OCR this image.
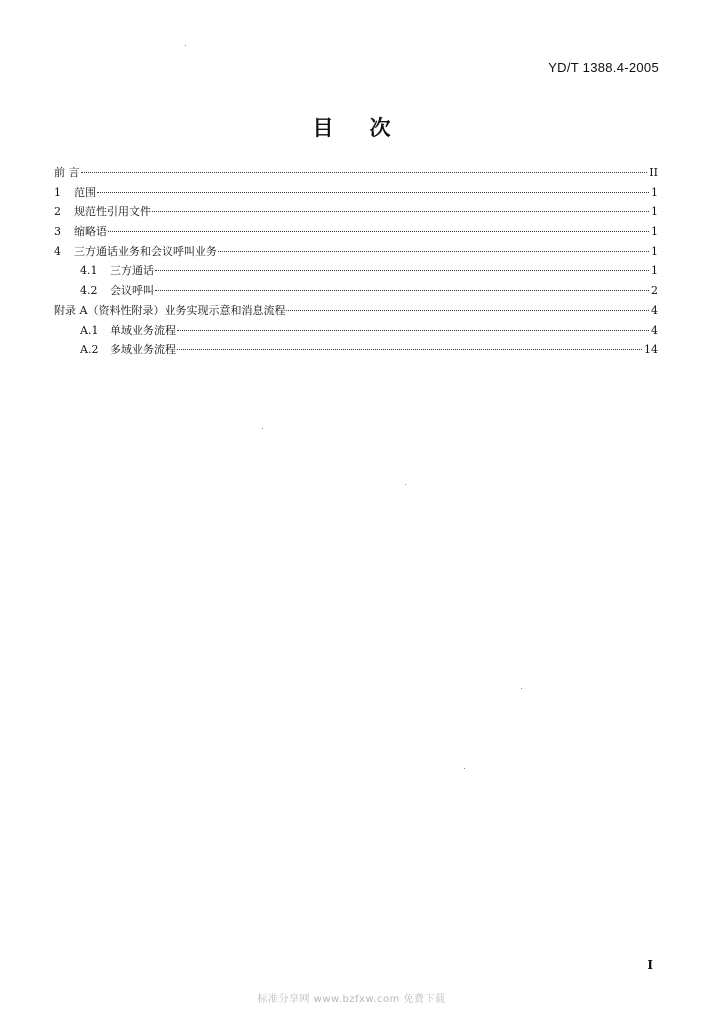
YD/T 1388.4-2005
目次
前 言	II
1	范围	1
2	规范性引用文件	1
3	缩略语	1
4	三方通话业务和会议呼叫业务	1
4.1	三方通话	1
4.2	会议呼叫	2
附录 A（资料性附录）业务实现示意和消息流程	4
A.1	单域业务流程	4
A.2	多域业务流程	14
I
标准分享网 www.bzfxw.com 免费下载
